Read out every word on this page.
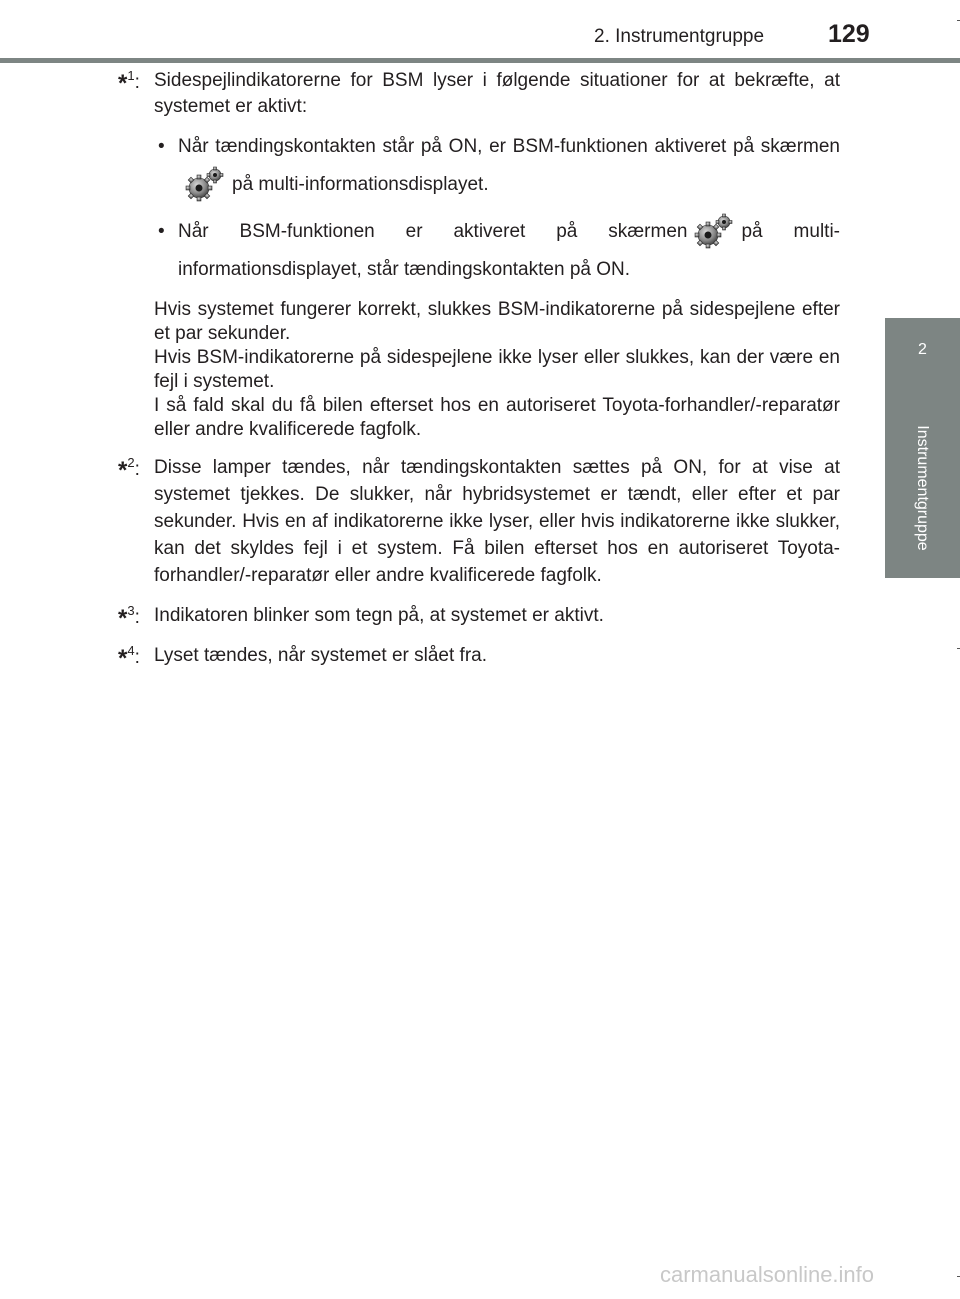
2. Instrumentgruppe	129
2
Instrumentgruppe
*$^1$: Sidespejlindikatorerne for BSM lyser i følgende situationer for at bekræfte, at systemet er aktivt:
• Når tændingskontakten står på ON, er BSM-funktionen aktiveret på skærmenpå multi-informationsdisplayet.
• Når BSM-funktionen er aktiveret på skærmen	på multi-informationsdisplayet, står tændingskontakten på ON.
Hvis systemet fungerer korrekt, slukkes BSM-indikatorerne på sidespejlene efter et par sekunder.
Hvis BSM-indikatorerne på sidespejlene ikke lyser eller slukkes, kan der være en fejl i systemet.
I så fald skal du få bilen efterset hos en autoriseret Toyota-forhandler/-reparatør eller andre kvalificerede fagfolk.
*$^2$: Disse lamper tændes, når tændingskontakten sættes på ON, for at vise at systemet tjekkes. De slukker, når hybridsystemet er tændt, eller efter et par sekunder. Hvis en af indikatorerne ikke lyser, eller hvis indikatorerne ikke slukker, kan det skyldes fejl i et system. Få bilen efterset hos en autoriseret Toyota-forhandler/-reparatør eller andre kvalificerede fagfolk.
*$^3$: Indikatoren blinker som tegn på, at systemet er aktivt.
*$^4$: Lyset tændes, når systemet er slået fra.
carmanualsonline.info
